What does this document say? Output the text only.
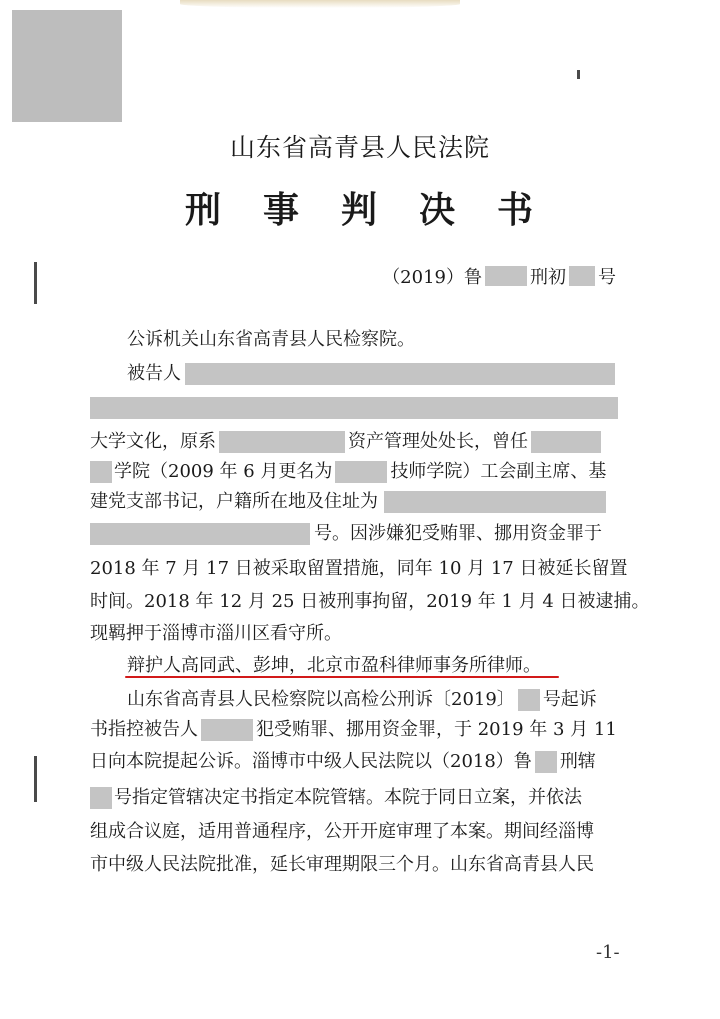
山东省高青县人民法院
刑事判决书
（2019）鲁	刑初 号
公诉机关山东省高青县人民检察院。
被告人
大学文化，原系	资产管理处处长，曾任
学院（2009 年 6 月更名为	技师学院）工会副主席、基
建党支部书记，户籍所在地及住址为
号。因涉嫌犯受贿罪、挪用资金罪于
2018 年 7 月 17 日被采取留置措施，同年 10 月 17 日被延长留置
时间。2018 年 12 月 25 日被刑事拘留，2019 年 1 月 4 日被逮捕。
现羁押于淄博市淄川区看守所。
辩护人高同武、彭坤，北京市盈科律师事务所律师。
山东省高青县人民检察院以高检公刑诉〔2019〕 号起诉
书指控被告人	犯受贿罪、挪用资金罪，于 2019 年 3 月 11
日向本院提起公诉。淄博市中级人民法院以（2018）鲁 刑辖
号指定管辖决定书指定本院管辖。本院于同日立案，并依法
组成合议庭，适用普通程序，公开开庭审理了本案。期间经淄博
市中级人民法院批准，延长审理期限三个月。山东省高青县人民
-1-
